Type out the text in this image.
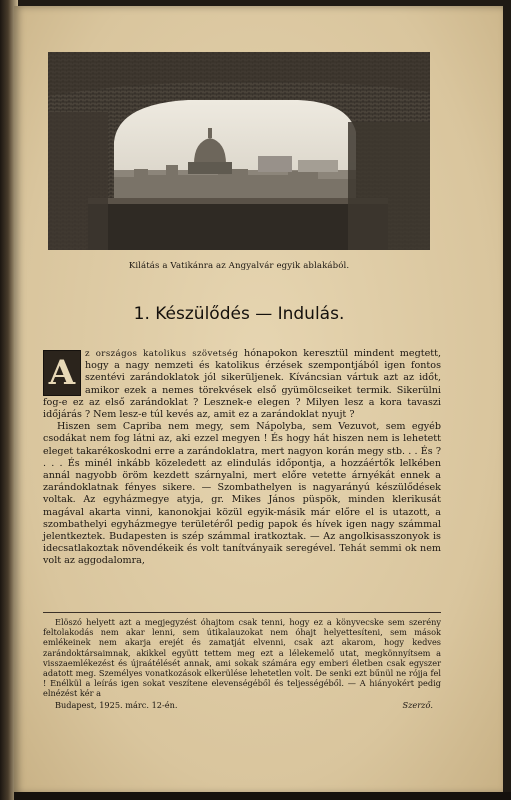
Kilátás a Vatikánra az Angyalvár egyik ablakából.
1. Készülődés — Indulás.

A	z országos katolikus szövetség hónapokon keresztül mindent megtett, hogy a nagy nemzeti és katolikus érzések szempontjából igen fontos szentévi zarándoklatok jól sikerüljenek. Kíváncsian vártuk azt az időt, amikor ezek a nemes törekvések első gyümölcseiket termik. Sikerülni fog-e ez az első zarándoklat ? Lesznek-e elegen ? Milyen lesz a kora tavaszi időjárás ? Nem lesz-e túl kevés az, amit ez a zarándoklat nyujt ?

Hiszen sem Capriba nem megy, sem Nápolyba, sem Vezuvot, sem egyéb csodákat nem fog látni az, aki ezzel megyen ! És hogy hát hiszen nem is lehetett eleget takarékoskodni erre a zarándoklatra, mert nagyon korán megy stb. . . És ? . . . És minél inkább közeledett az elindulás időpontja, a hozzáértők lelkében annál nagyobb öröm kezdett szárnyalni, mert előre vetette árnyékát ennek a zarándoklatnak fényes sikere. — Szombathelyen is nagyarányú készülődések voltak. Az egyházmegye atyja, gr. Mikes János püspök, minden klerikusát magával akarta vinni, kanonokjai közül egyik-másik már előre el is utazott, a szombathelyi egyházmegye területéről pedig papok és hívek igen nagy számmal jelentkeztek. Budapesten is szép számmal iratkoztak. — Az angolkisasszonyok is idecsatlakoztak növendékeik és volt tanítványaik seregével. Tehát semmi ok nem volt az aggodalomra,

Elöszó helyett azt a megjegyzést óhajtom csak tenni, hogy ez a könyvecske sem szerény feltolakodás nem akar lenni, sem útikalauzokat nem óhajt helyettesíteni, sem mások emlékeinek nem akarja erejét és zamatját elvenni, csak azt akarom, hogy kedves zarándoktársaimnak, akikkel együtt tettem meg ezt a lélekemelő utat, megkönnyítsem a visszaemlékezést és újraátélését annak, ami sokak számára egy emberi életben csak egyszer adatott meg. Személyes vonatkozások elkerülése lehetetlen volt. De senki ezt bűnül ne rójja fel ! Enélkül a leírás igen sokat veszítene elevenségéből és teljességéből. — A hiányokért pedig elnézést kér a

Budapest, 1925. márc. 12-én.	Szerző.
